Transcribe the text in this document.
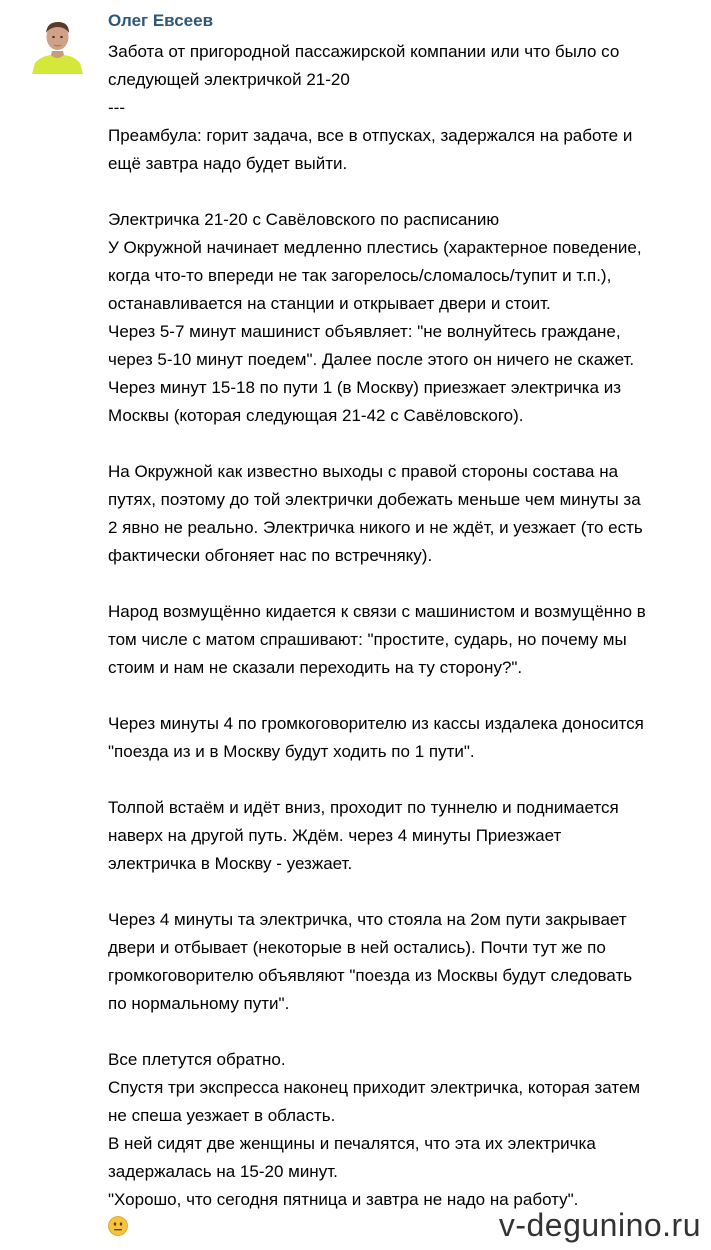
Олег Евсеев
Забота от пригородной пассажирской компании или что было со
следующей электричкой 21-20
---
Преамбула: горит задача, все в отпусках, задержался на работе и
ещё завтра надо будет выйти.
Электричка 21-20 с Савёловского по расписанию
У Окружной начинает медленно плестись (характерное поведение,
когда что-то впереди не так загорелось/сломалось/тупит и т.п.),
останавливается на станции и открывает двери и стоит.
Через 5-7 минут машинист объявляет: "не волнуйтесь граждане,
через 5-10 минут поедем". Далее после этого он ничего не скажет.
Через минут 15-18 по пути 1 (в Москву) приезжает электричка из
Москвы (которая следующая 21-42 с Савёловского).
На Окружной как известно выходы с правой стороны состава на
путях, поэтому до той электрички добежать меньше чем минуты за
2 явно не реально. Электричка никого и не ждёт, и уезжает (то есть
фактически обгоняет нас по встречняку).
Народ возмущённо кидается к связи с машинистом и возмущённо в
том числе с матом спрашивают: "простите, сударь, но почему мы
стоим и нам не сказали переходить на ту сторону?".
Через минуты 4 по громкоговорителю из кассы издалека доносится
"поезда из и в Москву будут ходить по 1 пути".
Толпой встаём и идёт вниз, проходит по туннелю и поднимается
наверх на другой путь. Ждём. через 4 минуты Приезжает
электричка в Москву - уезжает.
Через 4 минуты та электричка, что стояла на 2ом пути закрывает
двери и отбывает (некоторые в ней остались). Почти тут же по
громкоговорителю объявляют "поезда из Москвы будут следовать
по нормальному пути".
Все плетутся обратно.
Спустя три экспресса наконец приходит электричка, которая затем
не спеша уезжает в область.
В ней сидят две женщины и печалятся, что эта их электричка
задержалась на 15-20 минут.
"Хорошо, что сегодня пятница и завтра не надо на работу".
v-degunino.ru
